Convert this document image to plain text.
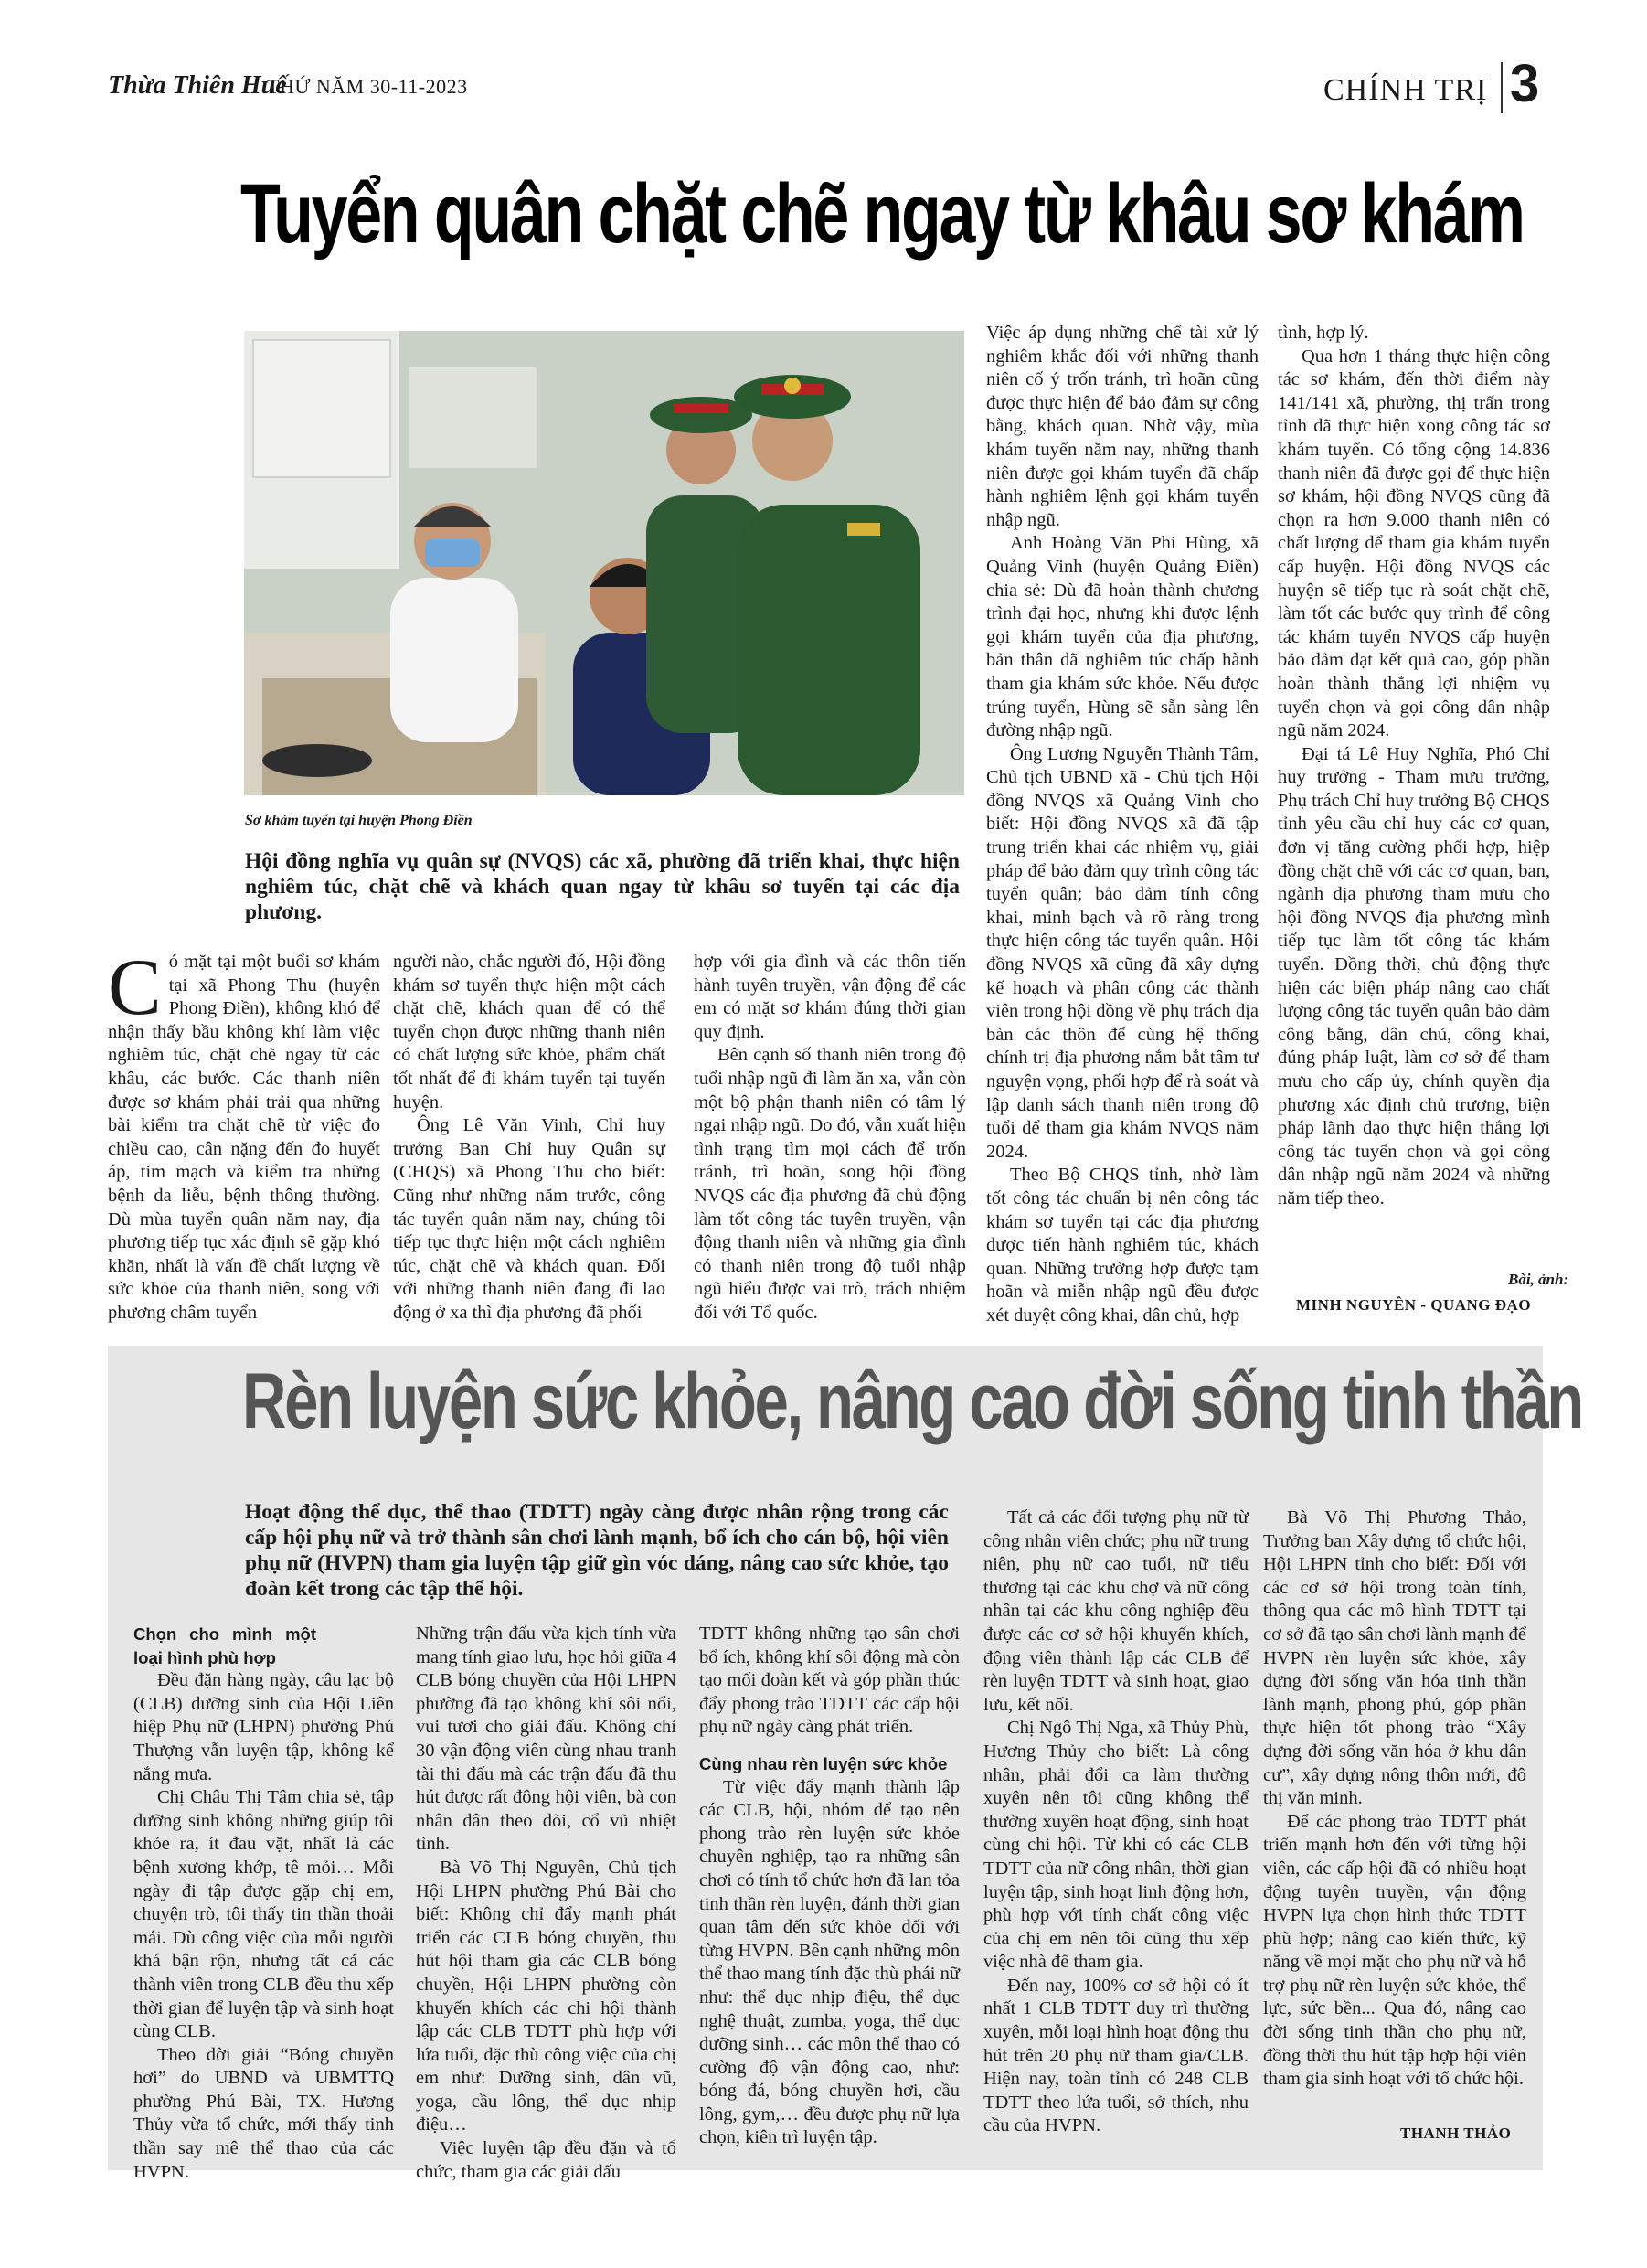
Thừa Thiên Huế
THỨ NĂM 30-11-2023	CHÍNH TRỊ 3
Tuyển quân chặt chẽ ngay từ khâu sơ khám
Sơ khám tuyển tại huyện Phong Điền
Hội đồng nghĩa vụ quân sự (NVQS) các xã, phường đã triển khai, thực hiện nghiêm túc, chặt chẽ và khách quan ngay từ khâu sơ tuyển tại các địa phương.
C ó mặt tại một buổi sơ khám tại xã Phong Thu (huyện Phong Điền), không khó để nhận thấy bầu không khí làm việc nghiêm túc, chặt chẽ ngay từ các khâu, các bước. Các thanh niên được sơ khám phải trải qua những bài kiểm tra chặt chẽ từ việc đo chiều cao, cân nặng đến đo huyết áp, tim mạch và kiểm tra những bệnh da liễu, bệnh thông thường. Dù mùa tuyển quân năm nay, địa phương tiếp tục xác định sẽ gặp khó khăn, nhất là vấn đề chất lượng về sức khỏe của thanh niên, song với phương châm tuyển

người nào, chắc người đó, Hội đồng khám sơ tuyển thực hiện một cách chặt chẽ, khách quan để có thể tuyển chọn được những thanh niên có chất lượng sức khỏe, phẩm chất tốt nhất để đi khám tuyển tại tuyến huyện.

Ông Lê Văn Vinh, Chỉ huy trưởng Ban Chỉ huy Quân sự (CHQS) xã Phong Thu cho biết: Cũng như những năm trước, công tác tuyển quân năm nay, chúng tôi tiếp tục thực hiện một cách nghiêm túc, chặt chẽ và khách quan. Đối với những thanh niên đang đi lao động ở xa thì địa phương đã phối

hợp với gia đình và các thôn tiến hành tuyên truyền, vận động để các em có mặt sơ khám đúng thời gian quy định.

Bên cạnh số thanh niên trong độ tuổi nhập ngũ đi làm ăn xa, vẫn còn một bộ phận thanh niên có tâm lý ngại nhập ngũ. Do đó, vẫn xuất hiện tình trạng tìm mọi cách để trốn tránh, trì hoãn, song hội đồng NVQS các địa phương đã chủ động làm tốt công tác tuyên truyền, vận động thanh niên và những gia đình có thanh niên trong độ tuổi nhập ngũ hiểu được vai trò, trách nhiệm đối với Tổ quốc.

Việc áp dụng những chế tài xử lý nghiêm khắc đối với những thanh niên cố ý trốn tránh, trì hoãn cũng được thực hiện để bảo đảm sự công bằng, khách quan. Nhờ vậy, mùa khám tuyển năm nay, những thanh niên được gọi khám tuyển đã chấp hành nghiêm lệnh gọi khám tuyển nhập ngũ.

Anh Hoàng Văn Phi Hùng, xã Quảng Vinh (huyện Quảng Điền) chia sẻ: Dù đã hoàn thành chương trình đại học, nhưng khi được lệnh gọi khám tuyển của địa phương, bản thân đã nghiêm túc chấp hành tham gia khám sức khỏe. Nếu được trúng tuyển, Hùng sẽ sẵn sàng lên đường nhập ngũ.

Ông Lương Nguyễn Thành Tâm, Chủ tịch UBND xã - Chủ tịch Hội đồng NVQS xã Quảng Vinh cho biết: Hội đồng NVQS xã đã tập trung triển khai các nhiệm vụ, giải pháp để bảo đảm quy trình công tác tuyển quân; bảo đảm tính công khai, minh bạch và rõ ràng trong thực hiện công tác tuyển quân. Hội đồng NVQS xã cũng đã xây dựng kế hoạch và phân công các thành viên trong hội đồng về phụ trách địa bàn các thôn để cùng hệ thống chính trị địa phương nắm bắt tâm tư nguyện vọng, phối hợp để rà soát và lập danh sách thanh niên trong độ tuổi để tham gia khám NVQS năm 2024.

Theo Bộ CHQS tỉnh, nhờ làm tốt công tác chuẩn bị nên công tác khám sơ tuyển tại các địa phương được tiến hành nghiêm túc, khách quan. Những trường hợp được tạm hoãn và miễn nhập ngũ đều được xét duyệt công khai, dân chủ, hợp

tình, hợp lý.

Qua hơn 1 tháng thực hiện công tác sơ khám, đến thời điểm này 141/141 xã, phường, thị trấn trong tỉnh đã thực hiện xong công tác sơ khám tuyển. Có tổng cộng 14.836 thanh niên đã được gọi để thực hiện sơ khám, hội đồng NVQS cũng đã chọn ra hơn 9.000 thanh niên có chất lượng để tham gia khám tuyển cấp huyện. Hội đồng NVQS các huyện sẽ tiếp tục rà soát chặt chẽ, làm tốt các bước quy trình để công tác khám tuyển NVQS cấp huyện bảo đảm đạt kết quả cao, góp phần hoàn thành thắng lợi nhiệm vụ tuyển chọn và gọi công dân nhập ngũ năm 2024.

Đại tá Lê Huy Nghĩa, Phó Chỉ huy trưởng - Tham mưu trưởng, Phụ trách Chỉ huy trưởng Bộ CHQS tỉnh yêu cầu chỉ huy các cơ quan, đơn vị tăng cường phối hợp, hiệp đồng chặt chẽ với các cơ quan, ban, ngành địa phương tham mưu cho hội đồng NVQS địa phương mình tiếp tục làm tốt công tác khám tuyển. Đồng thời, chủ động thực hiện các biện pháp nâng cao chất lượng công tác tuyển quân bảo đảm công bằng, dân chủ, công khai, đúng pháp luật, làm cơ sở để tham mưu cho cấp ủy, chính quyền địa phương xác định chủ trương, biện pháp lãnh đạo thực hiện thắng lợi công tác tuyển chọn và gọi công dân nhập ngũ năm 2024 và những năm tiếp theo.

Bài, ảnh:
MINH NGUYÊN - QUANG ĐẠO
Rèn luyện sức khỏe, nâng cao đời sống tinh thần
Hoạt động thể dục, thể thao (TDTT) ngày càng được nhân rộng trong các cấp hội phụ nữ và trở thành sân chơi lành mạnh, bổ ích cho cán bộ, hội viên phụ nữ (HVPN) tham gia luyện tập giữ gìn vóc dáng, nâng cao sức khỏe, tạo đoàn kết trong các tập thể hội.
Chọn cho mình một loại hình phù hợp

Đều đặn hàng ngày, câu lạc bộ (CLB) dưỡng sinh của Hội Liên hiệp Phụ nữ (LHPN) phường Phú Thượng vẫn luyện tập, không kể nắng mưa.

Chị Châu Thị Tâm chia sẻ, tập dưỡng sinh không những giúp tôi khỏe ra, ít đau vặt, nhất là các bệnh xương khớp, tê mỏi… Mỗi ngày đi tập được gặp chị em, chuyện trò, tôi thấy tin thần thoải mái. Dù công việc của mỗi người khá bận rộn, nhưng tất cả các thành viên trong CLB đều thu xếp thời gian để luyện tập và sinh hoạt cùng CLB.

Theo đời giải “Bóng chuyền hơi” do UBND và UBMTTQ phường Phú Bài, TX. Hương Thủy vừa tổ chức, mới thấy tinh thần say mê thể thao của các HVPN.

Những trận đấu vừa kịch tính vừa mang tính giao lưu, học hỏi giữa 4 CLB bóng chuyền của Hội LHPN phường đã tạo không khí sôi nổi, vui tươi cho giải đấu. Không chỉ 30 vận động viên cùng nhau tranh tài thi đấu mà các trận đấu đã thu hút được rất đông hội viên, bà con nhân dân theo dõi, cổ vũ nhiệt tình.

Bà Võ Thị Nguyên, Chủ tịch Hội LHPN phường Phú Bài cho biết: Không chỉ đẩy mạnh phát triển các CLB bóng chuyền, thu hút hội tham gia các CLB bóng chuyền, Hội LHPN phường còn khuyến khích các chi hội thành lập các CLB TDTT phù hợp với lứa tuổi, đặc thù công việc của chị em như: Dưỡng sinh, dân vũ, yoga, cầu lông, thể dục nhịp điệu…

Việc luyện tập đều đặn và tổ chức, tham gia các giải đấu

TDTT không những tạo sân chơi bổ ích, không khí sôi động mà còn tạo mối đoàn kết và góp phần thúc đẩy phong trào TDTT các cấp hội phụ nữ ngày càng phát triển.

Cùng nhau rèn luyện sức khỏe

Từ việc đẩy mạnh thành lập các CLB, hội, nhóm để tạo nên phong trào rèn luyện sức khỏe chuyên nghiệp, tạo ra những sân chơi có tính tổ chức hơn đã lan tỏa tinh thần rèn luyện, đánh thời gian quan tâm đến sức khỏe đối với từng HVPN. Bên cạnh những môn thể thao mang tính đặc thù phái nữ như: thể dục nhịp điệu, thể dục nghệ thuật, zumba, yoga, thể dục dưỡng sinh… các môn thể thao có cường độ vận động cao, như: bóng đá, bóng chuyền hơi, cầu lông, gym,… đều được phụ nữ lựa chọn, kiên trì luyện tập.

Tất cả các đối tượng phụ nữ từ công nhân viên chức; phụ nữ trung niên, phụ nữ cao tuổi, nữ tiểu thương tại các khu chợ và nữ công nhân tại các khu công nghiệp đều được các cơ sở hội khuyến khích, động viên thành lập các CLB để rèn luyện TDTT và sinh hoạt, giao lưu, kết nối.

Chị Ngô Thị Nga, xã Thủy Phù, Hương Thủy cho biết: Là công nhân, phải đổi ca làm thường xuyên nên tôi cũng không thể thường xuyên hoạt động, sinh hoạt cùng chi hội. Từ khi có các CLB TDTT của nữ công nhân, thời gian luyện tập, sinh hoạt linh động hơn, phù hợp với tính chất công việc của chị em nên tôi cũng thu xếp việc nhà để tham gia.

Đến nay, 100% cơ sở hội có ít nhất 1 CLB TDTT duy trì thường xuyên, mỗi loại hình hoạt động thu hút trên 20 phụ nữ tham gia/CLB. Hiện nay, toàn tỉnh có 248 CLB TDTT theo lứa tuổi, sở thích, nhu cầu của HVPN.

Bà Võ Thị Phương Thảo, Trưởng ban Xây dựng tổ chức hội, Hội LHPN tỉnh cho biết: Đối với các cơ sở hội trong toàn tỉnh, thông qua các mô hình TDTT tại cơ sở đã tạo sân chơi lành mạnh để HVPN rèn luyện sức khỏe, xây dựng đời sống văn hóa tinh thần lành mạnh, phong phú, góp phần thực hiện tốt phong trào “Xây dựng đời sống văn hóa ở khu dân cư”, xây dựng nông thôn mới, đô thị văn minh.

Để các phong trào TDTT phát triển mạnh hơn đến với từng hội viên, các cấp hội đã có nhiều hoạt động tuyên truyền, vận động HVPN lựa chọn hình thức TDTT phù hợp; nâng cao kiến thức, kỹ năng về mọi mặt cho phụ nữ và hỗ trợ phụ nữ rèn luyện sức khỏe, thể lực, sức bền... Qua đó, nâng cao đời sống tinh thần cho phụ nữ, đồng thời thu hút tập hợp hội viên tham gia sinh hoạt với tổ chức hội.

THANH THẢO
